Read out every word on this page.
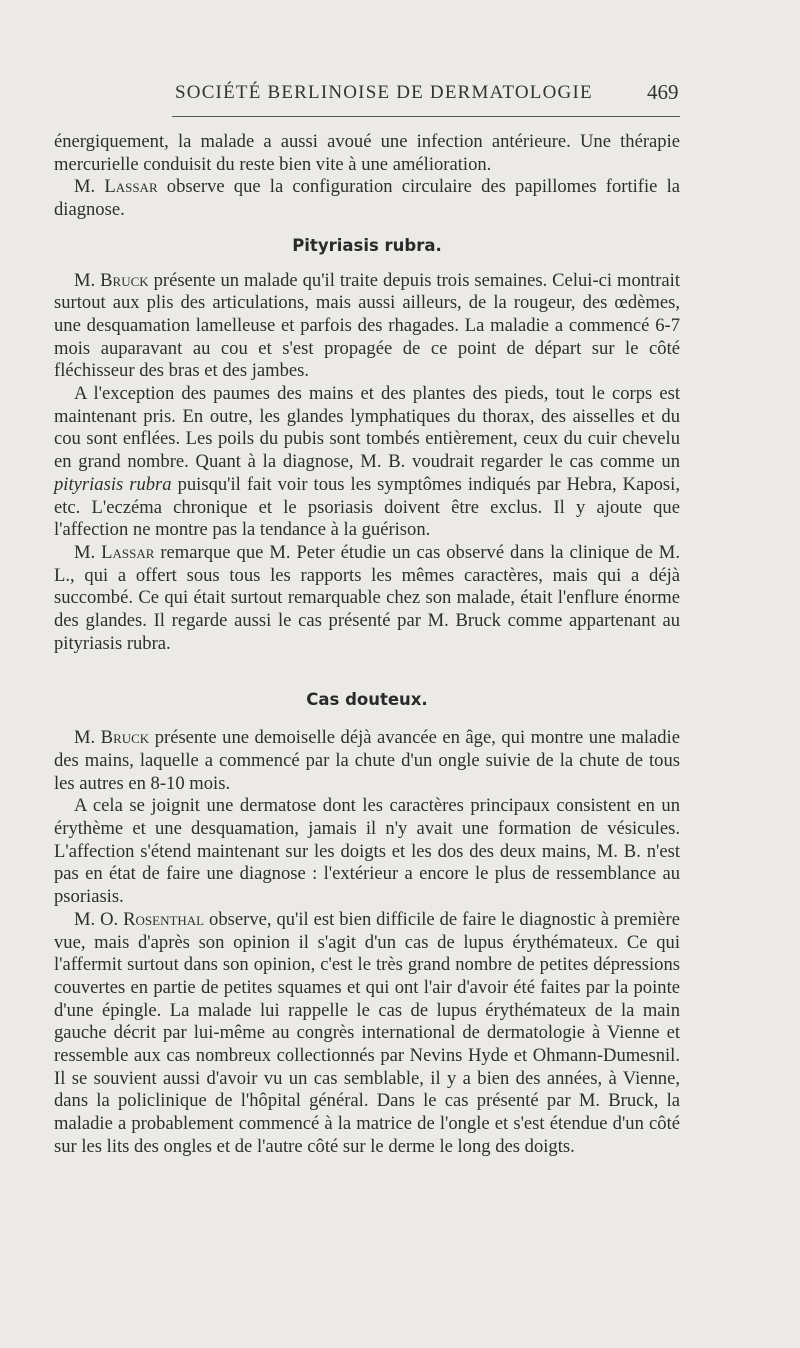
SOCIÉTÉ BERLINOISE DE DERMATOLOGIE	469

énergiquement, la malade a aussi avoué une infection antérieure. Une thérapie mercurielle conduisit du reste bien vite à une amélioration.

M. Lassar observe que la configuration circulaire des papillomes fortifie la diagnose.

Pityriasis rubra.

M. Bruck présente un malade qu'il traite depuis trois semaines. Celui-ci montrait surtout aux plis des articulations, mais aussi ailleurs, de la rougeur, des œdèmes, une desquamation lamelleuse et parfois des rhagades. La maladie a commencé 6-7 mois auparavant au cou et s'est propagée de ce point de départ sur le côté fléchisseur des bras et des jambes.

A l'exception des paumes des mains et des plantes des pieds, tout le corps est maintenant pris. En outre, les glandes lymphatiques du thorax, des aisselles et du cou sont enflées. Les poils du pubis sont tombés entièrement, ceux du cuir chevelu en grand nombre. Quant à la diagnose, M. B. voudrait regarder le cas comme un pityriasis rubra puisqu'il fait voir tous les symptômes indiqués par Hebra, Kaposi, etc. L'eczéma chronique et le psoriasis doivent être exclus. Il y ajoute que l'affection ne montre pas la tendance à la guérison.

M. Lassar remarque que M. Peter étudie un cas observé dans la clinique de M. L., qui a offert sous tous les rapports les mêmes caractères, mais qui a déjà succombé. Ce qui était surtout remarquable chez son malade, était l'enflure énorme des glandes. Il regarde aussi le cas présenté par M. Bruck comme appartenant au pityriasis rubra.

Cas douteux.

M. Bruck présente une demoiselle déjà avancée en âge, qui montre une maladie des mains, laquelle a commencé par la chute d'un ongle suivie de la chute de tous les autres en 8-10 mois.

A cela se joignit une dermatose dont les caractères principaux consistent en un érythème et une desquamation, jamais il n'y avait une formation de vésicules. L'affection s'étend maintenant sur les doigts et les dos des deux mains, M. B. n'est pas en état de faire une diagnose : l'extérieur a encore le plus de ressemblance au psoriasis.

M. O. Rosenthal observe, qu'il est bien difficile de faire le diagnostic à première vue, mais d'après son opinion il s'agit d'un cas de lupus érythémateux. Ce qui l'affermit surtout dans son opinion, c'est le très grand nombre de petites dépressions couvertes en partie de petites squames et qui ont l'air d'avoir été faites par la pointe d'une épingle. La malade lui rappelle le cas de lupus érythémateux de la main gauche décrit par lui-même au congrès international de dermatologie à Vienne et ressemble aux cas nombreux collectionnés par Nevins Hyde et Ohmann-Dumesnil. Il se souvient aussi d'avoir vu un cas semblable, il y a bien des années, à Vienne, dans la policlinique de l'hôpital général. Dans le cas présenté par M. Bruck, la maladie a probablement commencé à la matrice de l'ongle et s'est étendue d'un côté sur les lits des ongles et de l'autre côté sur le derme le long des doigts.
